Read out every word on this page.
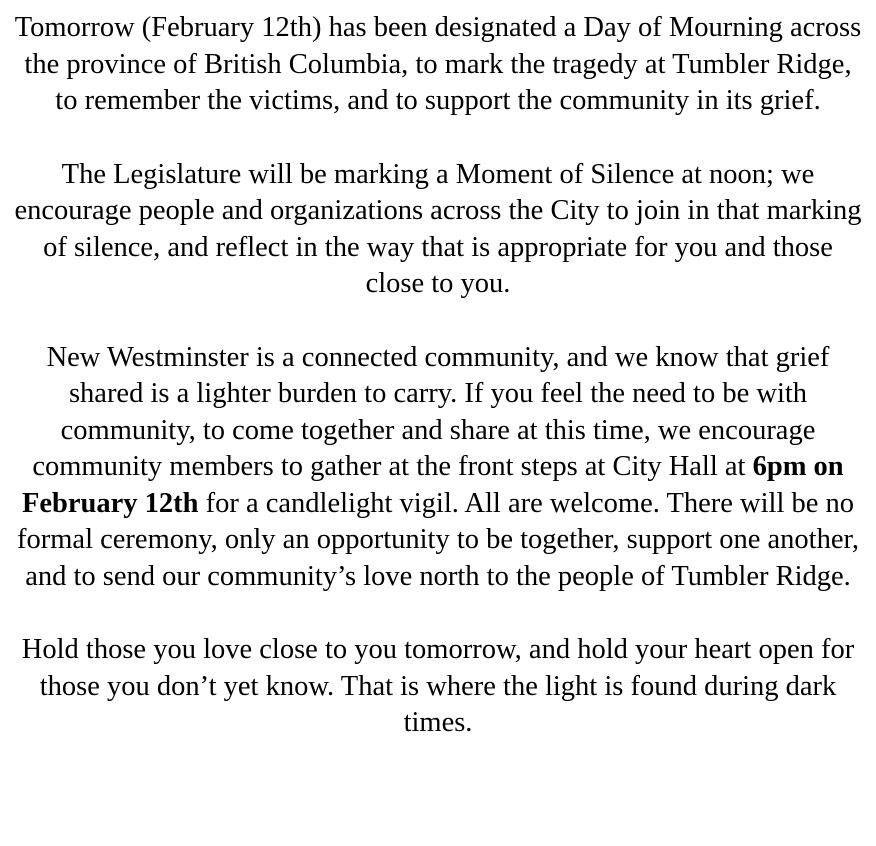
Tomorrow (February 12th) has been designated a Day of Mourning across the province of British Columbia, to mark the tragedy at Tumbler Ridge, to remember the victims, and to support the community in its grief.

The Legislature will be marking a Moment of Silence at noon; we encourage people and organizations across the City to join in that marking of silence, and reflect in the way that is appropriate for you and those close to you.

New Westminster is a connected community, and we know that grief shared is a lighter burden to carry. If you feel the need to be with community, to come together and share at this time, we encourage community members to gather at the front steps at City Hall at 6pm on February 12th for a candlelight vigil. All are welcome. There will be no formal ceremony, only an opportunity to be together, support one another, and to send our community’s love north to the people of Tumbler Ridge.

Hold those you love close to you tomorrow, and hold your heart open for those you don’t yet know. That is where the light is found during dark times.
